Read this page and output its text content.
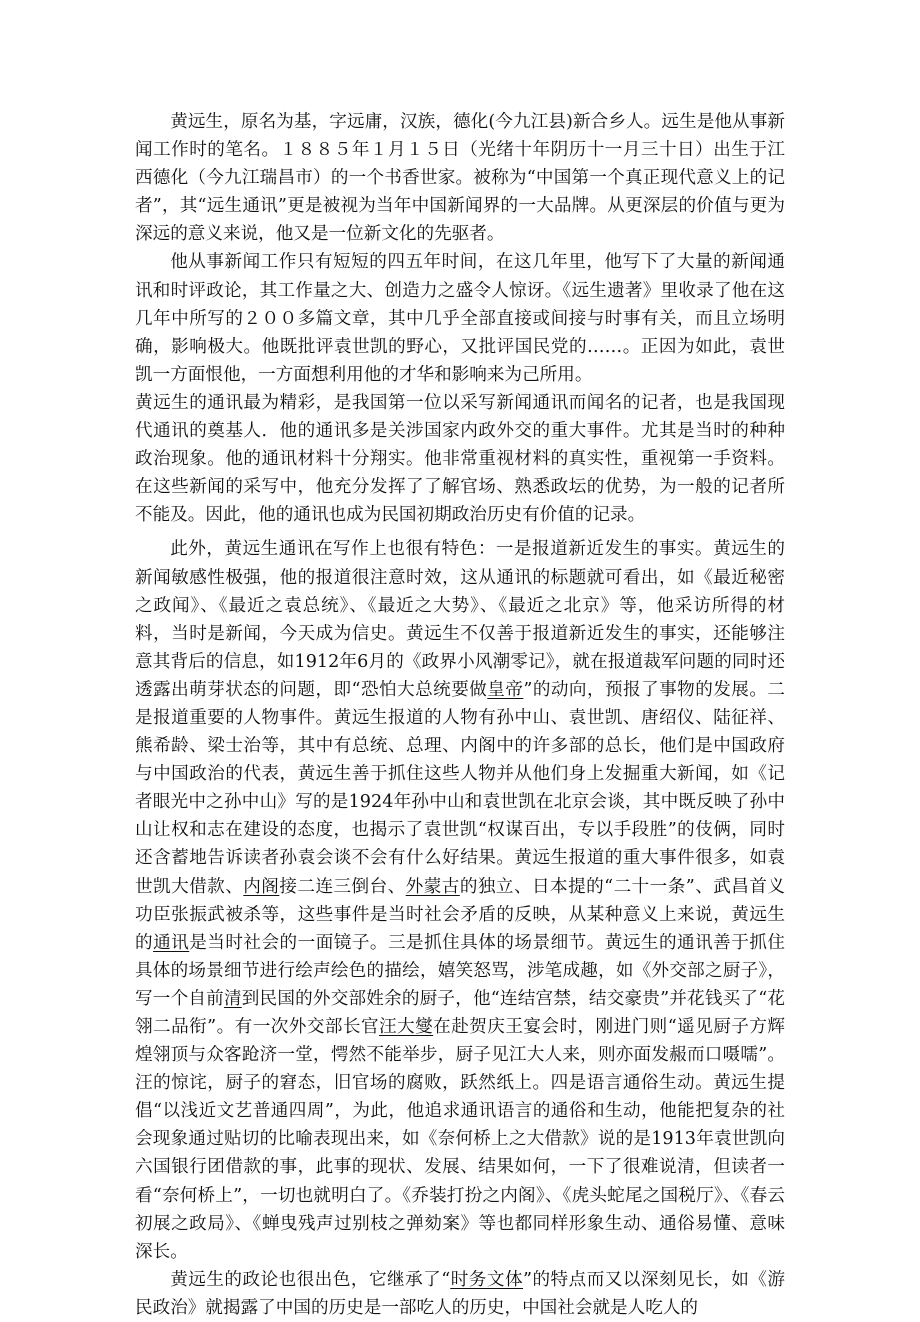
黄远生，原名为基，字远庸，汉族，德化(今九江县)新合乡人。远生是他从事新闻工作时的笔名。１８８５年１月１５日（光绪十年阴历十一月三十日）出生于江西德化（今九江瑞昌市）的一个书香世家。被称为“中国第一个真正现代意义上的记者”，其“远生通讯”更是被视为当年中国新闻界的一大品牌。从更深层的价值与更为深远的意义来说，他又是一位新文化的先驱者。

他从事新闻工作只有短短的四五年时间，在这几年里，他写下了大量的新闻通讯和时评政论，其工作量之大、创造力之盛令人惊讶。《远生遗著》里收录了他在这几年中所写的２００多篇文章，其中几乎全部直接或间接与时事有关，而且立场明确，影响极大。他既批评袁世凯的野心，又批评国民党的……。正因为如此，袁世凯一方面恨他，一方面想利用他的才华和影响来为己所用。

黄远生的通讯最为精彩，是我国第一位以采写新闻通讯而闻名的记者，也是我国现代通讯的奠基人．他的通讯多是关涉国家内政外交的重大事件。尤其是当时的种种政治现象。他的通讯材料十分翔实。他非常重视材料的真实性，重视第一手资料。在这些新闻的采写中，他充分发挥了了解官场、熟悉政坛的优势，为一般的记者所不能及。因此，他的通讯也成为民国初期政治历史有价值的记录。

此外，黄远生通讯在写作上也很有特色：一是报道新近发生的事实。黄远生的新闻敏感性极强，他的报道很注意时效，这从通讯的标题就可看出，如《最近秘密之政闻》、《最近之袁总统》、《最近之大势》、《最近之北京》等，他采访所得的材料，当时是新闻，今天成为信史。黄远生不仅善于报道新近发生的事实，还能够注意其背后的信息，如1912年6月的《政界小风潮零记》，就在报道裁军问题的同时还透露出萌芽状态的问题，即“恐怕大总统要做皇帝”的动向，预报了事物的发展。二是报道重要的人物事件。黄远生报道的人物有孙中山、袁世凯、唐绍仪、陆征祥、熊希龄、梁士治等，其中有总统、总理、内阁中的许多部的总长，他们是中国政府与中国政治的代表，黄远生善于抓住这些人物并从他们身上发掘重大新闻，如《记者眼光中之孙中山》写的是1924年孙中山和袁世凯在北京会谈，其中既反映了孙中山让权和志在建设的态度，也揭示了袁世凯“权谋百出，专以手段胜”的伎俩，同时还含蓄地告诉读者孙袁会谈不会有什么好结果。黄远生报道的重大事件很多，如袁世凯大借款、内阁接二连三倒台、外蒙古的独立、日本提的“二十一条”、武昌首义功臣张振武被杀等，这些事件是当时社会矛盾的反映，从某种意义上来说，黄远生的通讯是当时社会的一面镜子。三是抓住具体的场景细节。黄远生的通讯善于抓住具体的场景细节进行绘声绘色的描绘，嬉笑怒骂，涉笔成趣，如《外交部之厨子》，写一个自前清到民国的外交部姓余的厨子，他“连结宫禁，结交豪贵”并花钱买了“花翎二品衔”。有一次外交部长官汪大燮在赴贺庆王宴会时，刚进门则“遥见厨子方辉煌翎顶与众客跄济一堂，愕然不能举步，厨子见江大人来，则亦面发赧而口嗫嚅”。汪的惊诧，厨子的窘态，旧官场的腐败，跃然纸上。四是语言通俗生动。黄远生提倡“以浅近文艺普通四周”，为此，他追求通讯语言的通俗和生动，他能把复杂的社会现象通过贴切的比喻表现出来，如《奈何桥上之大借款》说的是1913年袁世凯向六国银行团借款的事，此事的现状、发展、结果如何，一下了很难说清，但读者一看“奈何桥上”，一切也就明白了。《乔装打扮之内阁》、《虎头蛇尾之国税厅》、《春云初展之政局》、《蝉曳残声过别枝之弹劾案》等也都同样形象生动、通俗易懂、意味深长。

黄远生的政论也很出色，它继承了“时务文体”的特点而又以深刻见长，如《游民政治》就揭露了中国的历史是一部吃人的历史，中国社会就是人吃人的
